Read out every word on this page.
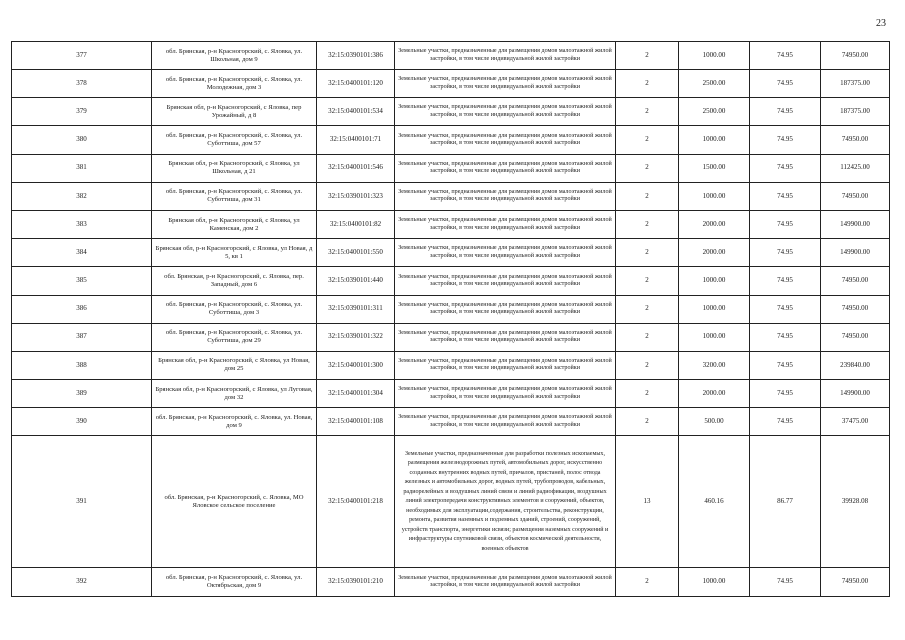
23
377	обл. Брянская, р-н Красногорский, с. Яловка, ул. Школьная, дом 9	32:15:0390101:386	Земельные участки, предназначенные для размещения домов малоэтажной жилой застройки, в том числе индивидуальной жилой застройки	2	1000.00	74.95	74950.00
378	обл. Брянская, р-н Красногорский, с. Яловка, ул. Молодежная, дом 3	32:15:0400101:120	Земельные участки, предназначенные для размещения домов малоэтажной жилой застройки, в том числе индивидуальной жилой застройки	2	2500.00	74.95	187375.00
379	Брянская обл, р-н Красногорский, с Яловка, пер Урожайный, д 8	32:15:0400101:534	Земельные участки, предназначенные для размещения домов малоэтажной жилой застройки, в том числе индивидуальной жилой застройки	2	2500.00	74.95	187375.00
380	обл. Брянская, р-н Красногорский, с. Яловка, ул. Суботтиша, дом 57	32:15:0400101:71	Земельные участки, предназначенные для размещения домов малоэтажной жилой застройки, в том числе индивидуальной жилой застройки	2	1000.00	74.95	74950.00
381	Брянская обл, р-н Красногорский, с Яловка, ул Школьная, д 21	32:15:0400101:546	Земельные участки, предназначенные для размещения домов малоэтажной жилой застройки, в том числе индивидуальной жилой застройки	2	1500.00	74.95	112425.00
382	обл. Брянская, р-н Красногорский, с. Яловка, ул. Суботтиша, дом 31	32:15:0390101:323	Земельные участки, предназначенные для размещения домов малоэтажной жилой застройки, в том числе индивидуальной жилой застройки	2	1000.00	74.95	74950.00
383	Брянская обл, р-н Красногорский, с Яловка, ул Каменская, дом 2	32:15:0400101:82	Земельные участки, предназначенные для размещения домов малоэтажной жилой застройки, в том числе индивидуальной жилой застройки	2	2000.00	74.95	149900.00
384	Брянская обл, р-н Красногорский, с Яловка, ул Новая, д 5, кв 1	32:15:0400101:550	Земельные участки, предназначенные для размещения домов малоэтажной жилой застройки, в том числе индивидуальной жилой застройки	2	2000.00	74.95	149900.00
385	обл. Брянская, р-н Красногорский, с. Яловка, пер. Западный, дом 6	32:15:0390101:440	Земельные участки, предназначенные для размещения домов малоэтажной жилой застройки, в том числе индивидуальной жилой застройки	2	1000.00	74.95	74950.00
386	обл. Брянская, р-н Красногорский, с. Яловка, ул. Суботтиша, дом 3	32:15:0390101:311	Земельные участки, предназначенные для размещения домов малоэтажной жилой застройки, в том числе индивидуальной жилой застройки	2	1000.00	74.95	74950.00
387	обл. Брянская, р-н Красногорский, с. Яловка, ул. Суботтиша, дом 29	32:15:0390101:322	Земельные участки, предназначенные для размещения домов малоэтажной жилой застройки, в том числе индивидуальной жилой застройки	2	1000.00	74.95	74950.00
388	Брянская обл, р-н Красногорский, с Яловка, ул Новая, дом 25	32:15:0400101:300	Земельные участки, предназначенные для размещения домов малоэтажной жилой застройки, в том числе индивидуальной жилой застройки	2	3200.00	74.95	239840.00
389	Брянская обл, р-н Красногорский, с Яловка, ул Луговая, дом 32	32:15:0400101:304	Земельные участки, предназначенные для размещения домов малоэтажной жилой застройки, в том числе индивидуальной жилой застройки	2	2000.00	74.95	149900.00
390	обл. Брянская, р-н Красногорский, с. Яловка, ул. Новая, дом 9	32:15:0400101:108	Земельные участки, предназначенные для размещения домов малоэтажной жилой застройки, в том числе индивидуальной жилой застройки	2	500.00	74.95	37475.00
391	обл. Брянская, р-н Красногорский, с. Яловка, МО Яловское сельское поселение	32:15:0400101:218	Земельные участки, предназначенные для разработки полезных ископаемых, размещения железнодорожных путей, автомобильных дорог, искусственно созданных внутренних водных путей, причалов, пристаней, полос отвода железных и автомобильных дорог, водных путей, трубопроводов, кабельных, радиорелейных и воздушных линий связи и линий радиофикации, воздушных линий электропередачи конструктивных элементов и сооружений, объектов, необходимых для эксплуатации,содержания, строительства, реконструкции, ремонта, развития наземных и подземных зданий, строений, сооружений, устройств транспорта, энергетики исвязи; размещения наземных сооружений и инфраструктуры спутниковой связи, объектов космической деятельности, военных объектов	13	460.16	86.77	39928.08
392	обл. Брянская, р-н Красногорский, с. Яловка, ул. Октябрьская, дом 9	32:15:0390101:210	Земельные участки, предназначенные для размещения домов малоэтажной жилой застройки, в том числе индивидуальной жилой застройки	2	1000.00	74.95	74950.00
